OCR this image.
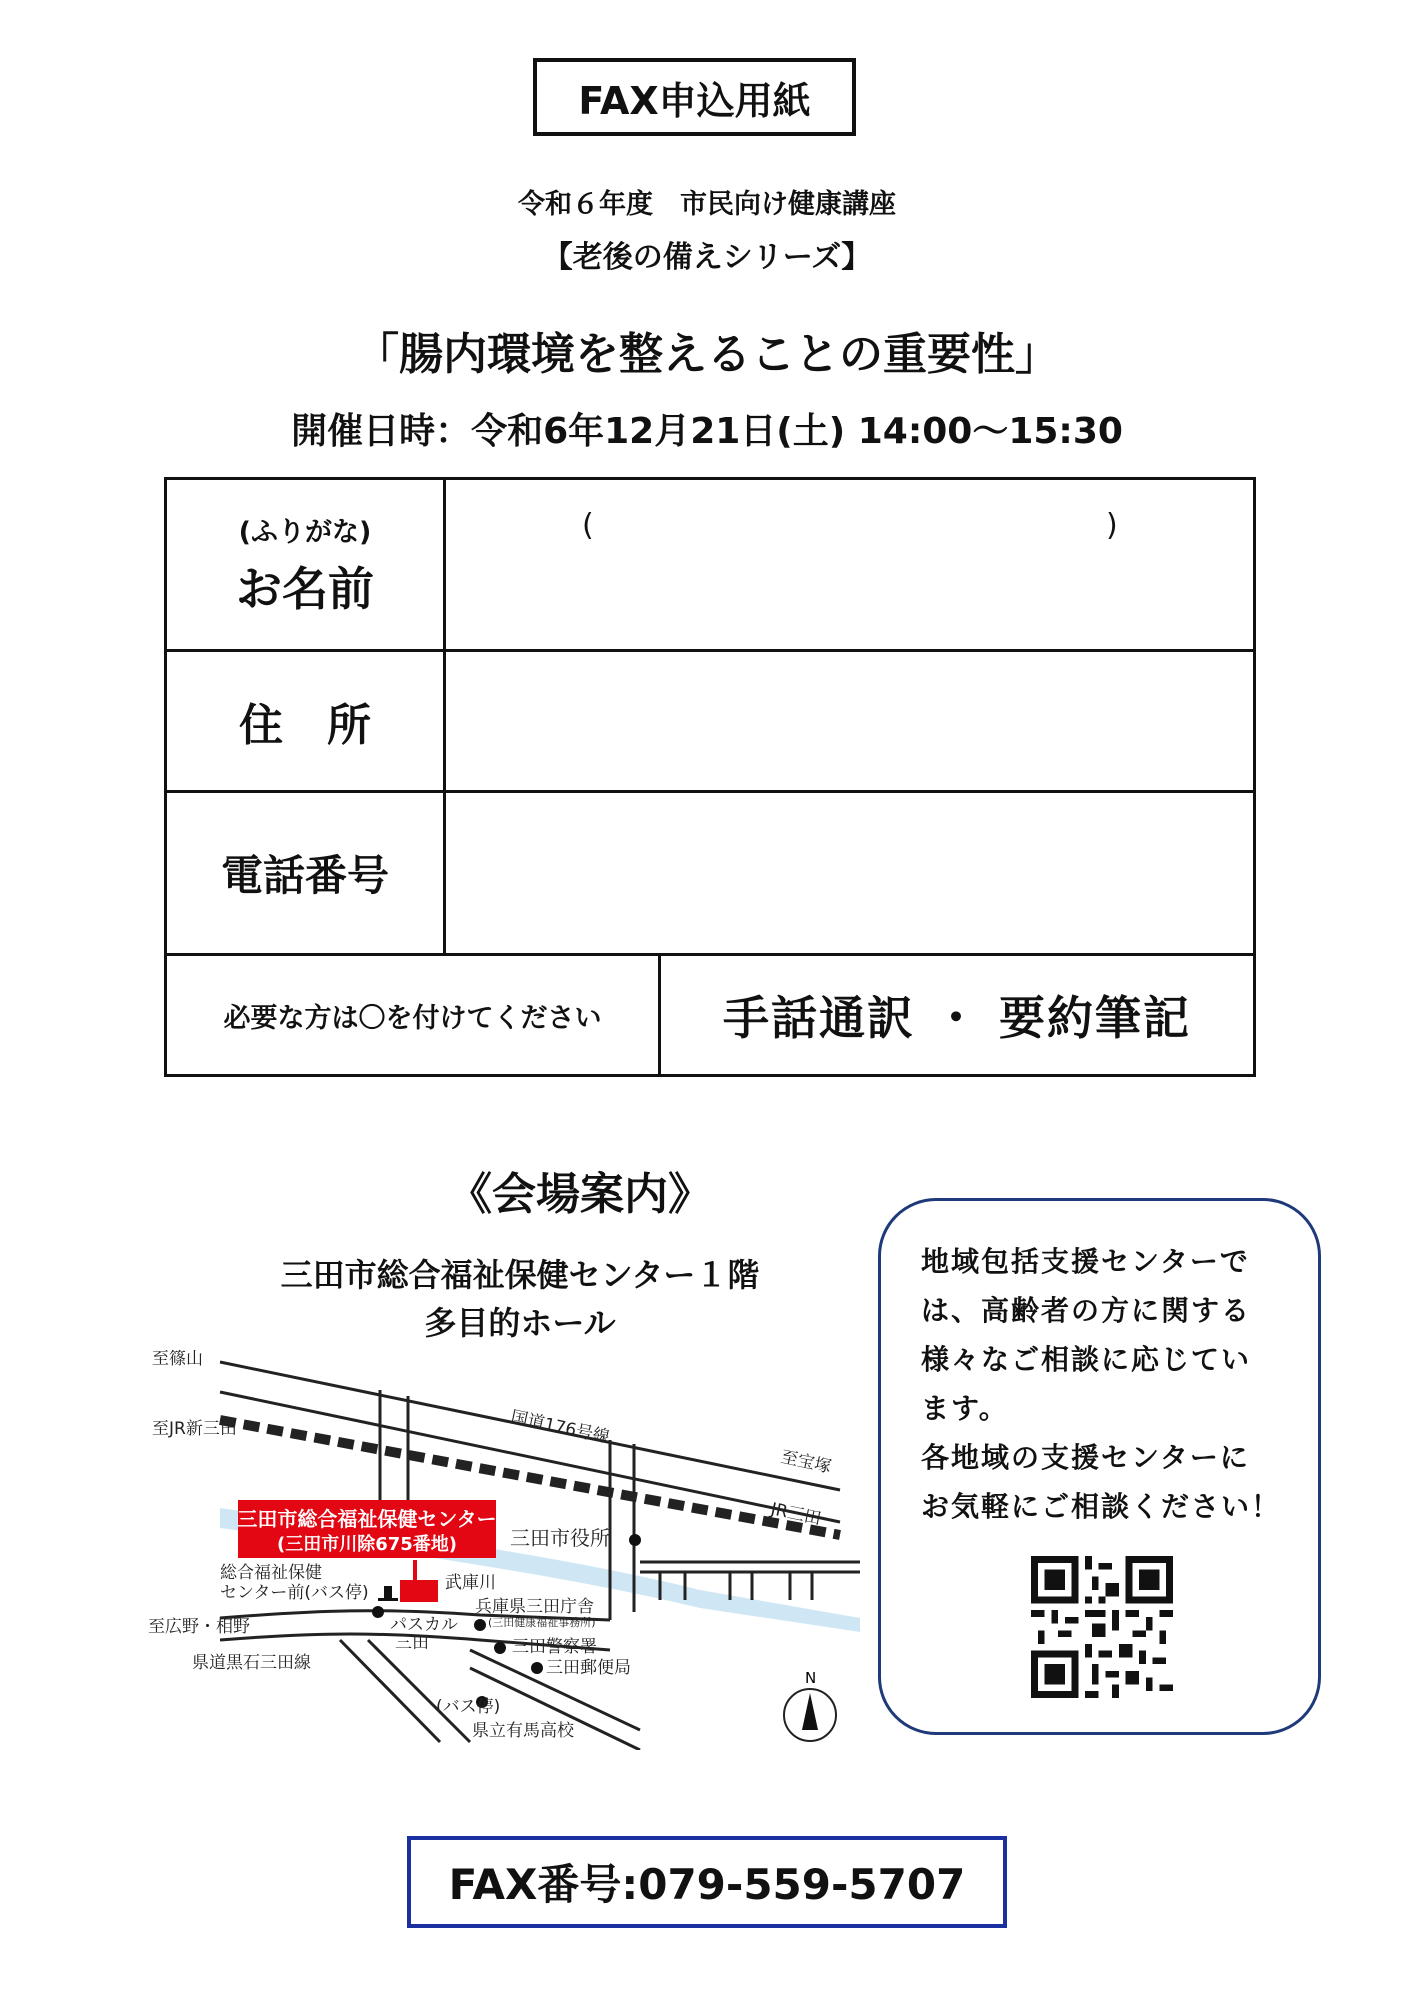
FAX申込用紙
令和６年度　市民向け健康講座
【老後の備えシリーズ】
「腸内環境を整えることの重要性」
開催日時：令和6年12月21日(土) 14:00～15:30
(ふりがな)
お名前
(	)
住　所
電話番号
必要な方は〇を付けてください	手話通訳 ・ 要約筆記
《会場案内》
三田市総合福祉保健センター１階
多目的ホール
三田市総合福祉保健センター
(三田市川除675番地)
至篠山
至JR新三田	国道176号線
至宝塚
JR三田
三田市役所
総合福祉保健
センター前(バス停)	武庫川
兵庫県三田庁舎
(三田健康福祉事務所)
至広野・相野	パスカル
三田	三田警察署
三田郵便局
県道黒石三田線
(バス停)
県立有馬高校
N
地域包括支援センターで
は、高齢者の方に関する
様々なご相談に応じてい
ます。
各地域の支援センターに
お気軽にご相談ください！
FAX番号:079-559-5707
